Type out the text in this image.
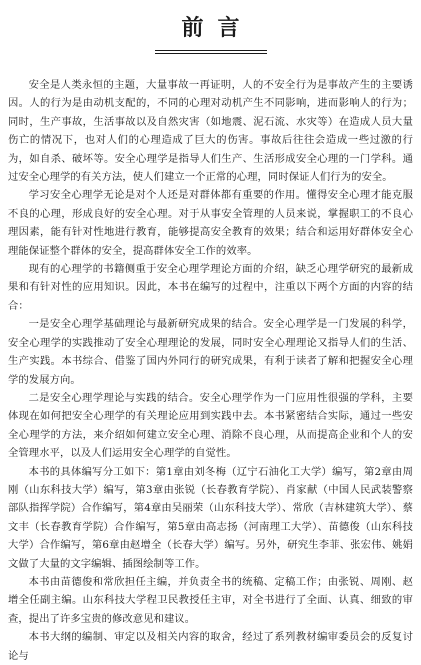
前言

安全是人类永恒的主题，大量事故一再证明，人的不安全行为是事故产生的主要诱因。人的行为是由动机支配的，不同的心理对动机产生不同影响，进而影响人的行为；同时，生产事故，生活事故以及自然灾害（如地震、泥石流、水灾等）在造成人员大量伤亡的情况下，也对人们的心理造成了巨大的伤害。事故后往往会造成一些过激的行为，如自杀、破坏等。安全心理学是指导人们生产、生活形成安全心理的一门学科。通过安全心理学的有关方法，使人们建立一个正常的心理，同时保证人们行为的安全。

学习安全心理学无论是对个人还是对群体都有重要的作用。懂得安全心理才能克服不良的心理，形成良好的安全心理。对于从事安全管理的人员来说，掌握职工的不良心理因素，能有针对性地进行教育，能够提高安全教育的效果；结合和运用好群体安全心理能保证整个群体的安全，提高群体安全工作的效率。

现有的心理学的书籍侧重于安全心理学理论方面的介绍，缺乏心理学研究的最新成果和有针对性的应用知识。因此，本书在编写的过程中，注重以下两个方面的内容的结合：

一是安全心理学基础理论与最新研究成果的结合。安全心理学是一门发展的科学，安全心理学的实践推动了安全心理理论的发展，同时安全心理理论又指导人们的生活、生产实践。本书综合、借鉴了国内外同行的研究成果，有利于读者了解和把握安全心理学的发展方向。

二是安全心理学理论与实践的结合。安全心理学作为一门应用性很强的学科，主要体现在如何把安全心理学的有关理论应用到实践中去。本书紧密结合实际，通过一些安全心理学的方法，来介绍如何建立安全心理、消除不良心理，从而提高企业和个人的安全管理水平，以及人们运用安全心理学的自觉性。

本书的具体编写分工如下：第1章由刘冬梅（辽宁石油化工大学）编写，第2章由周刚（山东科技大学）编写，第3章由张锐（长春教育学院）、肖家献（中国人民武装警察部队指挥学院）合作编写，第4章由吴丽荣（山东科技大学）、常欣（吉林建筑大学）、蔡文丰（长春教育学院）合作编写，第5章由高志扬（河南理工大学）、苗德俊（山东科技大学）合作编写，第6章由赵增全（长春大学）编写。另外，研究生李菲、张宏伟、姚娟文做了大量的文字编辑、插图绘制等工作。

本书由苗德俊和常欣担任主编，并负责全书的统稿、定稿工作；由张锐、周刚、赵增全任副主编。山东科技大学程卫民教授任主审，对全书进行了全面、认真、细致的审查，提出了许多宝贵的修改意见和建议。

本书大纲的编制、审定以及相关内容的取舍，经过了系列教材编审委员会的反复讨论与
